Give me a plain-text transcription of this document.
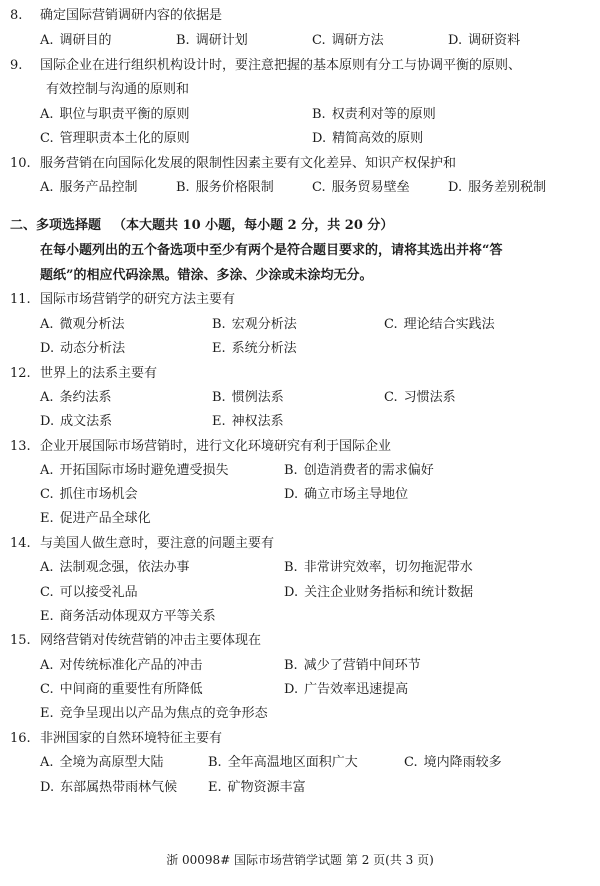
8. 确定国际营销调研内容的依据是
A. 调研目的	B. 调研计划	C. 调研方法	D. 调研资料
9. 国际企业在进行组织机构设计时，要注意把握的基本原则有分工与协调平衡的原则、
有效控制与沟通的原则和
A. 职位与职责平衡的原则	B. 权责利对等的原则
C. 管理职责本土化的原则	D. 精简高效的原则
10. 服务营销在向国际化发展的限制性因素主要有文化差异、知识产权保护和
A. 服务产品控制	B. 服务价格限制	C. 服务贸易壁垒	D. 服务差别税制
二、多项选择题 （本大题共 10 小题，每小题 2 分，共 20 分）
在每小题列出的五个备选项中至少有两个是符合题目要求的，请将其选出并将“答
题纸”的相应代码涂黑。错涂、多涂、少涂或未涂均无分。
11. 国际市场营销学的研究方法主要有
A. 微观分析法	B. 宏观分析法	C. 理论结合实践法
D. 动态分析法	E. 系统分析法
12. 世界上的法系主要有
A. 条约法系	B. 惯例法系	C. 习惯法系
D. 成文法系	E. 神权法系
13. 企业开展国际市场营销时，进行文化环境研究有利于国际企业
A. 开拓国际市场时避免遭受损失	B. 创造消费者的需求偏好
C. 抓住市场机会	D. 确立市场主导地位
E. 促进产品全球化
14. 与美国人做生意时，要注意的问题主要有
A. 法制观念强，依法办事	B. 非常讲究效率，切勿拖泥带水
C. 可以接受礼品	D. 关注企业财务指标和统计数据
E. 商务活动体现双方平等关系
15. 网络营销对传统营销的冲击主要体现在
A. 对传统标准化产品的冲击	B. 减少了营销中间环节
C. 中间商的重要性有所降低	D. 广告效率迅速提高
E. 竞争呈现出以产品为焦点的竞争形态
16. 非洲国家的自然环境特征主要有
A. 全境为高原型大陆	B. 全年高温地区面积广大	C. 境内降雨较多
D. 东部属热带雨林气候 E. 矿物资源丰富
浙 00098# 国际市场营销学试题 第 2 页(共 3 页)
